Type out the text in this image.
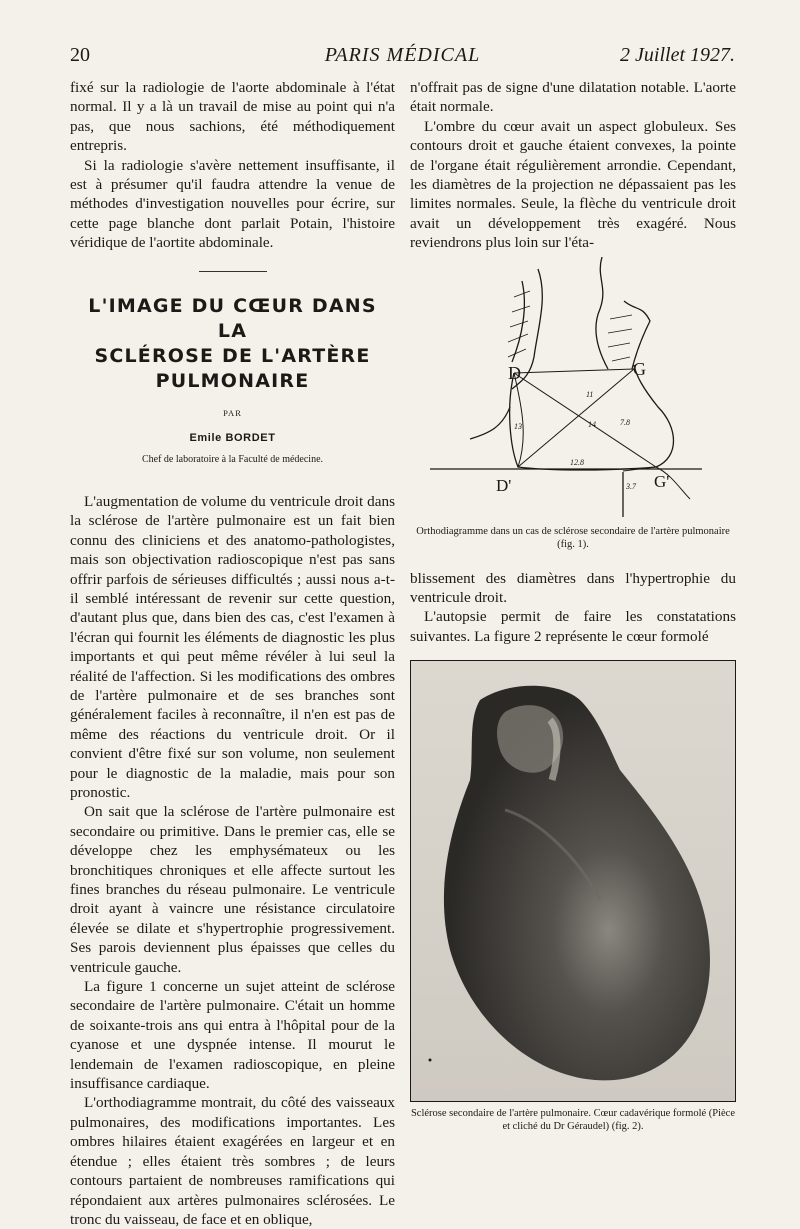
20	PARIS MÉDICAL	2 Juillet 1927.

fixé sur la radiologie de l'aorte abdominale à l'état normal. Il y a là un travail de mise au point qui n'a pas, que nous sachions, été méthodiquement entrepris.

Si la radiologie s'avère nettement insuffisante, il est à présumer qu'il faudra attendre la venue de méthodes d'investigation nouvelles pour écrire, sur cette page blanche dont parlait Potain, l'histoire véridique de l'aortite abdominale.

L'IMAGE DU CŒUR DANS LA
SCLÉROSE DE L'ARTÈRE
PULMONAIRE
PAR
Emile BORDET
Chef de laboratoire à la Faculté de médecine.

L'augmentation de volume du ventricule droit dans la sclérose de l'artère pulmonaire est un fait bien connu des cliniciens et des anatomo-pathologistes, mais son objectivation radioscopique n'est pas sans offrir parfois de sérieuses difficultés ; aussi nous a-t-il semblé intéressant de revenir sur cette question, d'autant plus que, dans bien des cas, c'est l'examen à l'écran qui fournit les éléments de diagnostic les plus importants et qui peut même révéler à lui seul la réalité de l'affection. Si les modifications des ombres de l'artère pulmonaire et de ses branches sont généralement faciles à reconnaître, il n'en est pas de même des réactions du ventricule droit. Or il convient d'être fixé sur son volume, non seulement pour le diagnostic de la maladie, mais pour son pronostic.

On sait que la sclérose de l'artère pulmonaire est secondaire ou primitive. Dans le premier cas, elle se développe chez les emphysémateux ou les bronchitiques chroniques et elle affecte surtout les fines branches du réseau pulmonaire. Le ventricule droit ayant à vaincre une résistance circulatoire élevée se dilate et s'hypertrophie progressivement. Ses parois deviennent plus épaisses que celles du ventricule gauche.

La figure 1 concerne un sujet atteint de sclérose secondaire de l'artère pulmonaire. C'était un homme de soixante-trois ans qui entra à l'hôpital pour de la cyanose et une dyspnée intense. Il mourut le lendemain de l'examen radioscopique, en pleine insuffisance cardiaque.

L'orthodiagramme montrait, du côté des vaisseaux pulmonaires, des modifications importantes. Les ombres hilaires étaient exagérées en largeur et en étendue ; elles étaient très sombres ; de leurs contours partaient de nombreuses ramifications qui répondaient aux artères pulmonaires sclérosées. Le tronc du vaisseau, de face et en oblique,

n'offrait pas de signe d'une dilatation notable. L'aorte était normale.

L'ombre du cœur avait un aspect globuleux. Ses contours droit et gauche étaient convexes, la pointe de l'organe était régulièrement arrondie. Cependant, les diamètres de la projection ne dépassaient pas les limites normales. Seule, la flèche du ventricule droit avait un développement très exagéré. Nous reviendrons plus loin sur l'éta-

D	G
D'	G'
13
11
14	7.8
12.8
3.7
Orthodiagramme dans un cas de sclérose secondaire de l'artère pulmonaire (fig. 1).

blissement des diamètres dans l'hypertrophie du ventricule droit.

L'autopsie permit de faire les constatations suivantes. La figure 2 représente le cœur formolé

Sclérose secondaire de l'artère pulmonaire. Cœur cadavérique formolé (Pièce et cliché du Dr Géraudel) (fig. 2).
